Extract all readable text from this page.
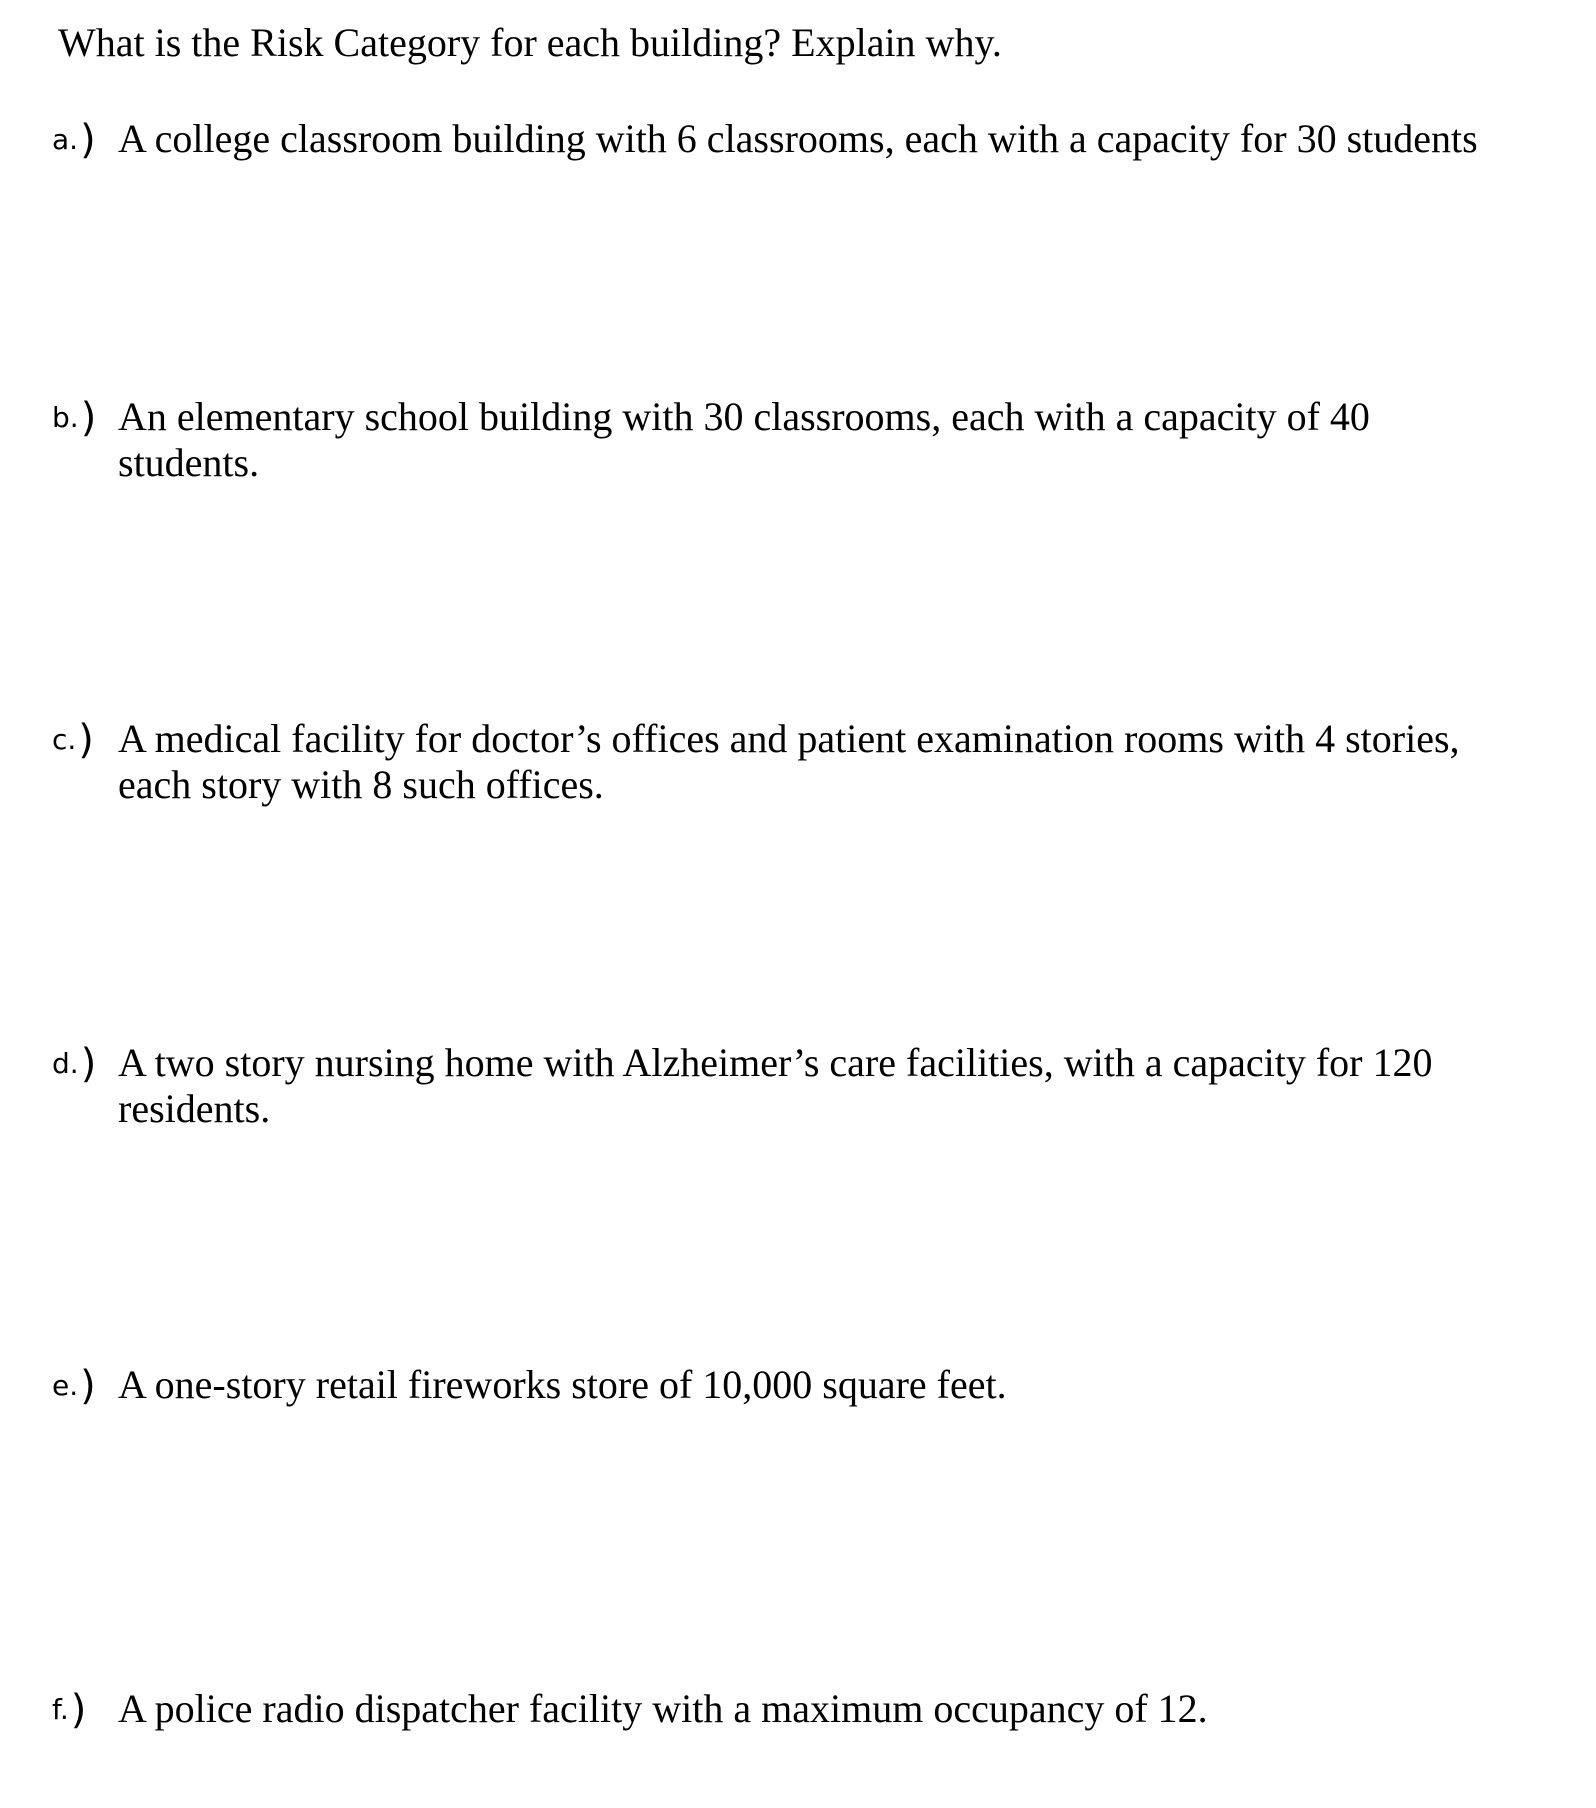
What is the Risk Category for each building? Explain why.
a.) A college classroom building with 6 classrooms, each with a capacity for 30 students
b.) An elementary school building with 30 classrooms, each with a capacity of 40 students.
c.) A medical facility for doctor’s offices and patient examination rooms with 4 stories, each story with 8 such offices.
d.) A two story nursing home with Alzheimer’s care facilities, with a capacity for 120 residents.
e.) A one-story retail fireworks store of 10,000 square feet.
f.) A police radio dispatcher facility with a maximum occupancy of 12.
